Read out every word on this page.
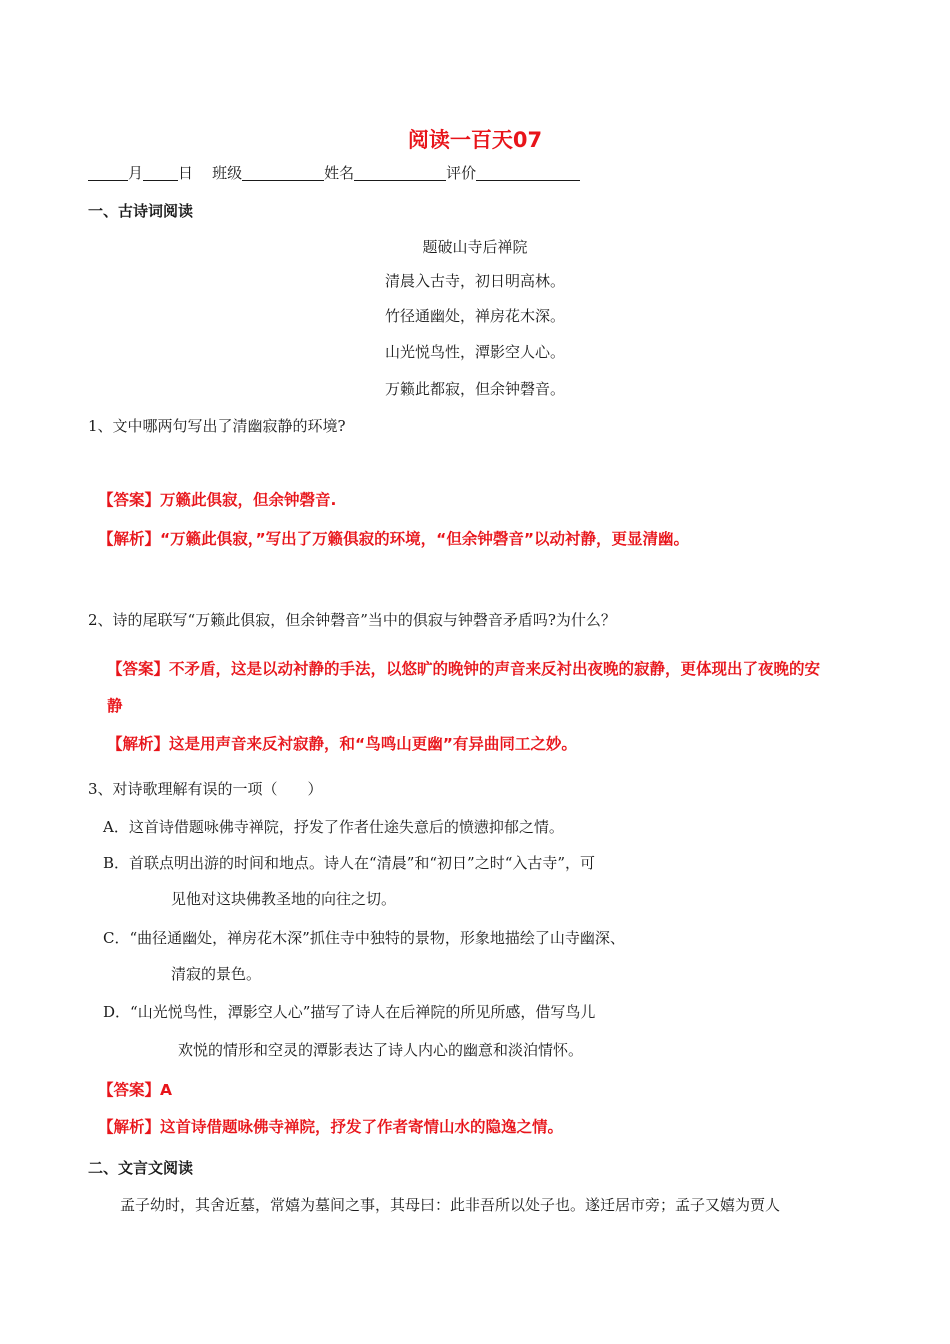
阅读一百天07
月 日 班级	姓名	评价
一、古诗词阅读
题破山寺后禅院
清晨入古寺，初日明高林。
竹径通幽处，禅房花木深。
山光悦鸟性，潭影空人心。
万籁此都寂，但余钟磬音。
1、文中哪两句写出了清幽寂静的环境?
【答案】万籁此俱寂，但余钟磬音.
【解析】“万籁此俱寂，”写出了万籁俱寂的环境，“但余钟磬音”以动衬静，更显清幽。
2、诗的尾联写“万籁此俱寂，但余钟磬音”当中的俱寂与钟磬音矛盾吗?为什么？
【答案】不矛盾，这是以动衬静的手法，以悠旷的晚钟的声音来反衬出夜晚的寂静，更体现出了夜晚的安
静
【解析】这是用声音来反衬寂静，和“鸟鸣山更幽”有异曲同工之妙。
3、对诗歌理解有误的一项（　　）
A．这首诗借题咏佛寺禅院，抒发了作者仕途失意后的愤懑抑郁之情。
B．首联点明出游的时间和地点。诗人在“清晨”和“初日”之时“入古寺”，可
见他对这块佛教圣地的向往之切。
C．“曲径通幽处，禅房花木深”抓住寺中独特的景物，形象地描绘了山寺幽深、
清寂的景色。
D．“山光悦鸟性，潭影空人心”描写了诗人在后禅院的所见所感，借写鸟儿
欢悦的情形和空灵的潭影表达了诗人内心的幽意和淡泊情怀。
【答案】A
【解析】这首诗借题咏佛寺禅院，抒发了作者寄情山水的隐逸之情。
二、文言文阅读
孟子幼时，其舍近墓，常嬉为墓间之事，其母曰：此非吾所以处子也。遂迁居市旁；孟子又嬉为贾人
